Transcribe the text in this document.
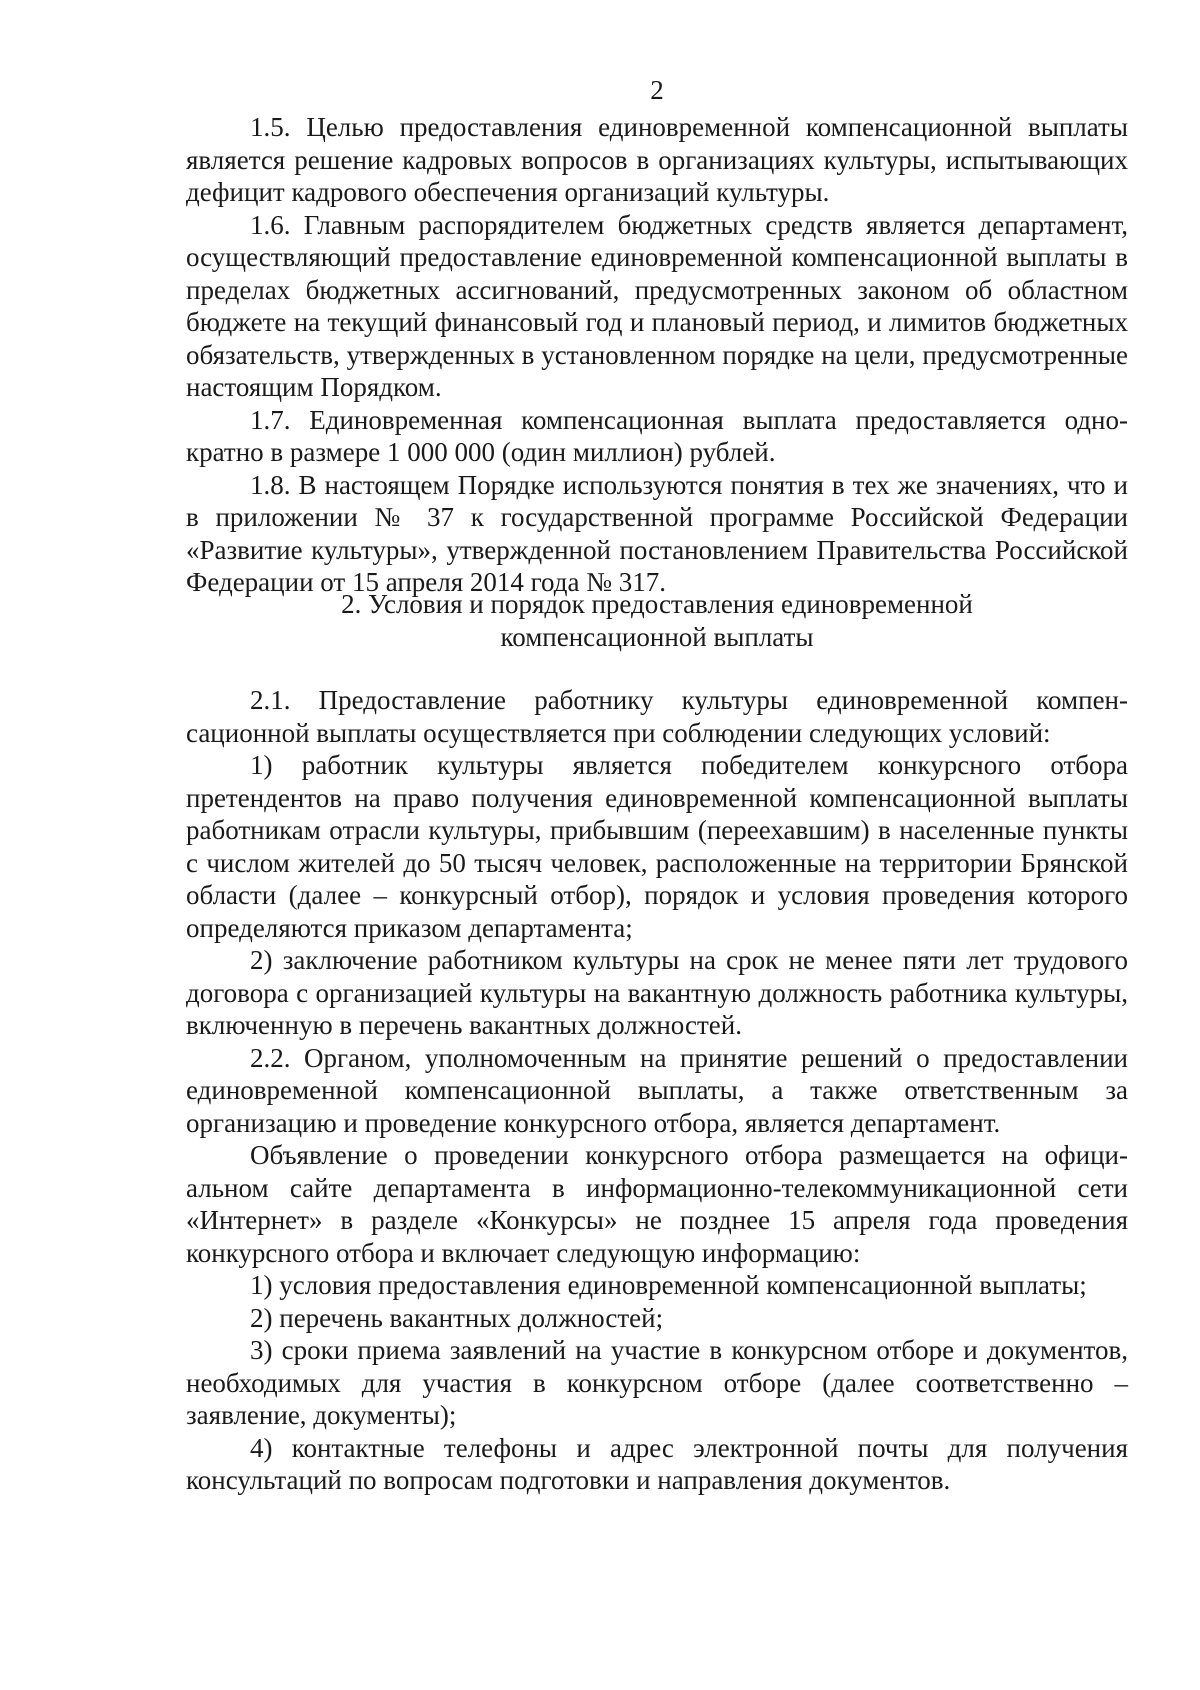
2

1.5. Целью предоставления единовременной компенсационной выплаты является решение кадровых вопросов в организациях культуры, испытывающих дефицит кадрового обеспечения организаций культуры.

1.6. Главным распорядителем бюджетных средств является департамент, осуществляющий предоставление единовременной компенсационной выплаты в пределах бюджетных ассигнований, предусмотренных законом об областном бюджете на текущий финансовый год и плановый период, и лимитов бюджетных обязательств, утвержденных в установленном порядке на цели, предусмотренные настоящим Порядком.

1.7. Единовременная компенсационная выплата предоставляется однократно в размере 1 000 000 (один миллион) рублей.

1.8. В настоящем Порядке используются понятия в тех же значениях, что и в приложении № 37 к государственной программе Российской Федерации «Развитие культуры», утвержденной постановлением Правительства Российской Федерации от 15 апреля 2014 года № 317.

2. Условия и порядок предоставления единовременной
компенсационной выплаты

2.1. Предоставление работнику культуры единовременной компенсационной выплаты осуществляется при соблюдении следующих условий:

1) работник культуры является победителем конкурсного отбора претендентов на право получения единовременной компенсационной выплаты работникам отрасли культуры, прибывшим (переехавшим) в населенные пункты с числом жителей до 50 тысяч человек, расположенные на территории Брянской области (далее – конкурсный отбор), порядок и условия проведения которого определяются приказом департамента;

2) заключение работником культуры на срок не менее пяти лет трудового договора с организацией культуры на вакантную должность работника культуры, включенную в перечень вакантных должностей.

2.2. Органом, уполномоченным на принятие решений о предоставлении единовременной компенсационной выплаты, а также ответственным за организацию и проведение конкурсного отбора, является департамент.

Объявление о проведении конкурсного отбора размещается на официальном сайте департамента в информационно-телекоммуникационной сети «Интернет» в разделе «Конкурсы» не позднее 15 апреля года проведения конкурсного отбора и включает следующую информацию:

1) условия предоставления единовременной компенсационной выплаты;

2) перечень вакантных должностей;

3) сроки приема заявлений на участие в конкурсном отборе и документов, необходимых для участия в конкурсном отборе (далее соответственно – заявление, документы);

4) контактные телефоны и адрес электронной почты для получения консультаций по вопросам подготовки и направления документов.
